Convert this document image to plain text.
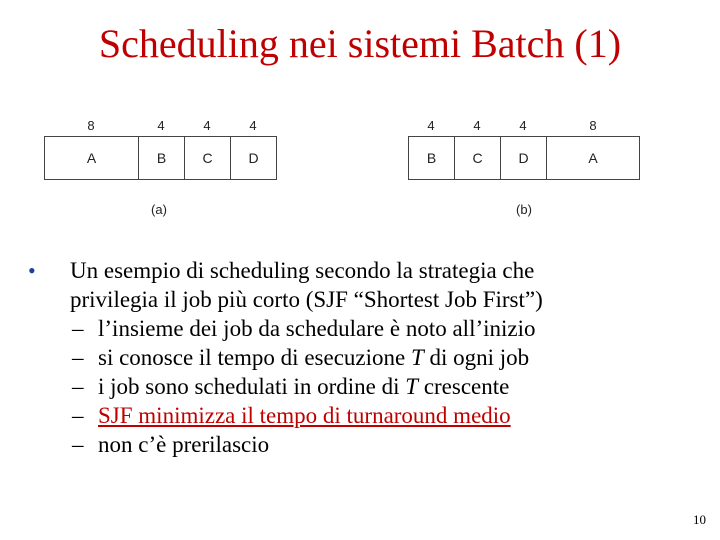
Scheduling nei sistemi Batch (1)
8	4	4	4
A	B	C	D
(a)
4	4	4	8
B	C	D	A
(b)
• Un esempio di scheduling secondo la strategia che
privilegia il job più corto (SJF “Shortest Job First”)
– l’insieme dei job da schedulare è noto all’inizio
– si conosce il tempo di esecuzione T di ogni job
– i job sono schedulati in ordine di T crescente
– SJF minimizza il tempo di turnaround medio
– non c’è prerilascio
10
